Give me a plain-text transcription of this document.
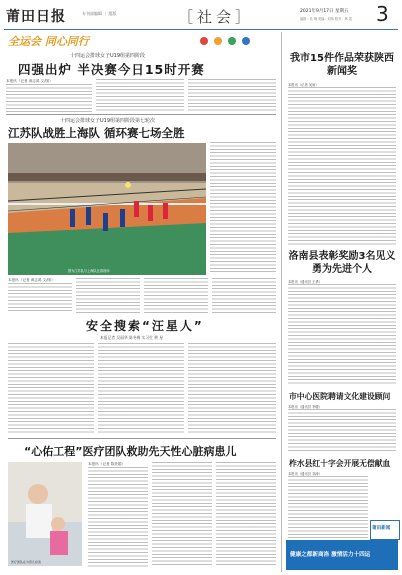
莆田日报	专刊部编辑 ｜ 组版	［社会］	2021年9月17日 星期五
编辑：吴 琳 美编：刘伟 校对：林 超 3
全运会 同心同行
十四运会排球女子U19组第四阶段
四强出炉 半决赛今日15时开赛
本报讯（记者 黄志鸿 文/图）
十四运会排球女子U19组第四阶段第七轮次
江苏队战胜上海队 循环赛七场全胜
图为江苏队与上海队比赛现场
本报讯（记者 黄志鸿 文/图）
安全搜索“汪星人”
本报记者 吴丽华 陈冬梅 实习生 黄 星
“心佑工程”医疗团队救助先天性心脏病患儿
医疗团队在为患儿检查
本报讯（记者 陈美娟）
我市15件作品荣获陕西新闻奖
本报讯（记者 吴雨）
洛南县表彰奖励3名见义勇为先进个人
本报讯（通讯员 王勇）
市中心医院聘请文化建设顾问
本报讯（通讯员 李健）
柞水县红十字会开展无偿献血
本报讯（通讯员 刘涛）
莆田新闻
健康之都新商洛 激情活力十四运
